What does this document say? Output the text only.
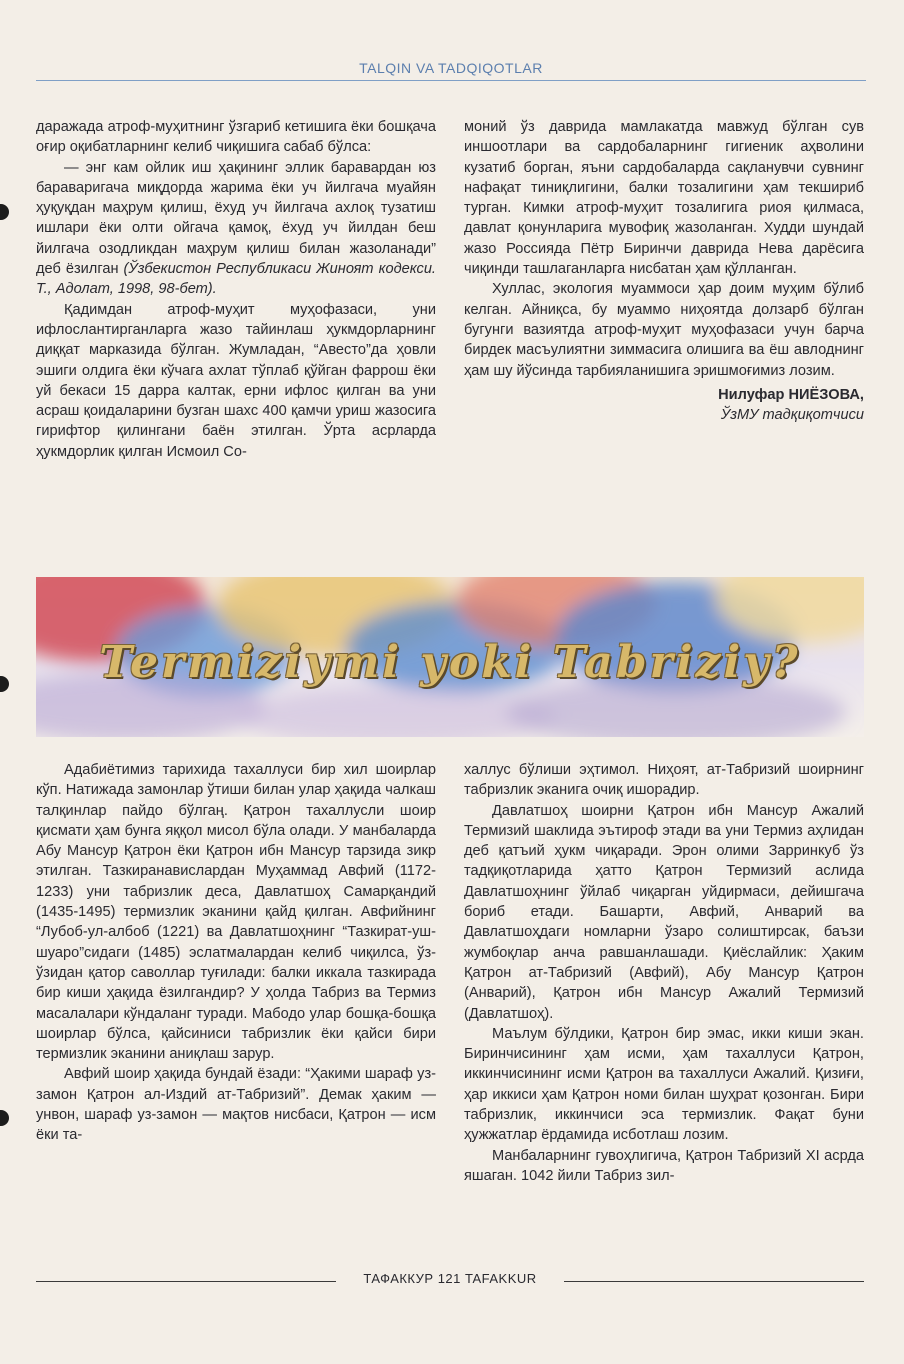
TALQIN VA TADQIQOTLAR

даражада атроф-муҳитнинг ўзгариб кетишига ёки бошқача оғир оқибатларнинг келиб чиқишига сабаб бўлса:

— энг кам ойлик иш ҳақининг эллик баравардан юз бараваригача миқдорда жарима ёки уч йилгача муайян ҳуқуқдан маҳрум қилиш, ёхуд уч йилгача ахлоқ тузатиш ишлари ёки олти ойгача қамоқ, ёхуд уч йилдан беш йилгача озодликдан маҳрум қилиш билан жазоланади” деб ёзилган (Ўзбекистон Республикаси Жиноят кодекси. Т., Адолат, 1998, 98-бет).

Қадимдан атроф-муҳит муҳофазаси, уни ифлослантирганларга жазо тайинлаш ҳукмдорларнинг диққат марказида бўлган. Жумладан, “Авесто”да ҳовли эшиги олдига ёки кўчага ахлат тўплаб қўйган фаррош ёки уй бекаси 15 дарра калтак, ерни ифлос қилган ва уни асраш қоидаларини бузган шахс 400 қамчи уриш жазосига гирифтор қилингани баён этилган. Ўрта асрларда ҳукмдорлик қилган Исмоил Со-

моний ўз даврида мамлакатда мавжуд бўлган сув иншоотлари ва сардобаларнинг гигиеник аҳволини кузатиб борган, яъни сардобаларда сақланувчи сувнинг нафақат тиниқлигини, балки тозалигини ҳам текшириб турган. Кимки атроф-муҳит тозалигига риоя қилмаса, давлат қонунларига мувофиқ жазоланган. Худди шундай жазо Россияда Пётр Биринчи даврида Нева дарёсига чиқинди ташлаганларга нисбатан ҳам қўлланган.

Хуллас, экология муаммоси ҳар доим муҳим бўлиб келган. Айниқса, бу муаммо ниҳоятда долзарб бўлган бугунги вазиятда атроф-муҳит муҳофазаси учун барча бирдек масъулиятни зиммасига олишига ва ёш авлоднинг ҳам шу йўсинда тарбияланишига эришмоғимиз лозим.

Нилуфар НИЁЗОВА,
ЎзМУ тадқиқотчиси
Termiziymi yoki Tabriziy?

Адабиётимиз тарихида тахаллуси бир хил шоирлар кўп. Натижада замонлар ўтиши билан улар ҳақида чалкаш талқинлар пайдо бўлгаң. Қатрон тахаллусли шоир қисмати ҳам бунга яққол мисол бўла олади. У манбаларда Абу Мансур Қатрон ёки Қатрон ибн Мансур тарзида зикр этилган. Тазкиранавислардан Муҳаммад Авфий (1172-1233) уни табризлик деса, Давлатшоҳ Самарқандий (1435-1495) термизлик эканини қайд қилган. Авфийнинг “Лубоб-ул-албоб (1221) ва Давлатшоҳнинг “Тазкират-уш-шуаро”сидаги (1485) эслатмалардан келиб чиқилса, ўз-ўзидан қатор саволлар туғилади: балки иккала тазкирада бир киши ҳақида ёзилгандир? У ҳолда Табриз ва Термиз масалалари кўндаланг туради. Мабодо улар бошқа-бошқа шоирлар бўлса, қайсиниси табризлик ёки қайси бири термизлик эканини аниқлаш зарур.

Авфий шоир ҳақида бундай ёзади: “Ҳакими шараф уз-замон Қатрон ал-Издий ат-Табризий”. Демак ҳаким — унвон, шараф уз-замон — мақтов нисбаси, Қатрон — исм ёки та-

халлус бўлиши эҳтимол. Ниҳоят, ат-Табризий шоирнинг табризлик эканига очиқ ишорадир.

Давлатшоҳ шоирни Қатрон ибн Мансур Ажалий Термизий шаклида эътироф этади ва уни Термиз аҳлидан деб қатъий ҳукм чиқаради. Эрон олими Зарринкуб ўз тадқиқотларида ҳатто Қатрон Термизий аслида Давлатшоҳнинг ўйлаб чиқарган уйдирмаси, дейишгача бориб етади. Башарти, Авфий, Анварий ва Давлатшоҳдаги номларни ўзаро солиштирсак, баъзи жумбоқлар анча равшанлашади. Қиёслайлик: Ҳаким Қатрон ат-Табризий (Авфий), Абу Мансур Қатрон (Анварий), Қатрон ибн Мансур Ажалий Термизий (Давлатшоҳ).

Маълум бўлдики, Қатрон бир эмас, икки киши экан. Биринчисининг ҳам исми, ҳам тахаллуси Қатрон, иккинчисининг исми Қатрон ва тахаллуси Ажалий. Қизиғи, ҳар иккиси ҳам Қатрон номи билан шуҳрат қозонган. Бири табризлик, иккинчиси эса термизлик. Фақат буни ҳужжатлар ёрдамида исботлаш лозим.

Манбаларнинг гувоҳлигича, Қатрон Табризий XI асрда яшаган. 1042 йили Табриз зил-

ТАФАККУР 121 TAFAKKUR
